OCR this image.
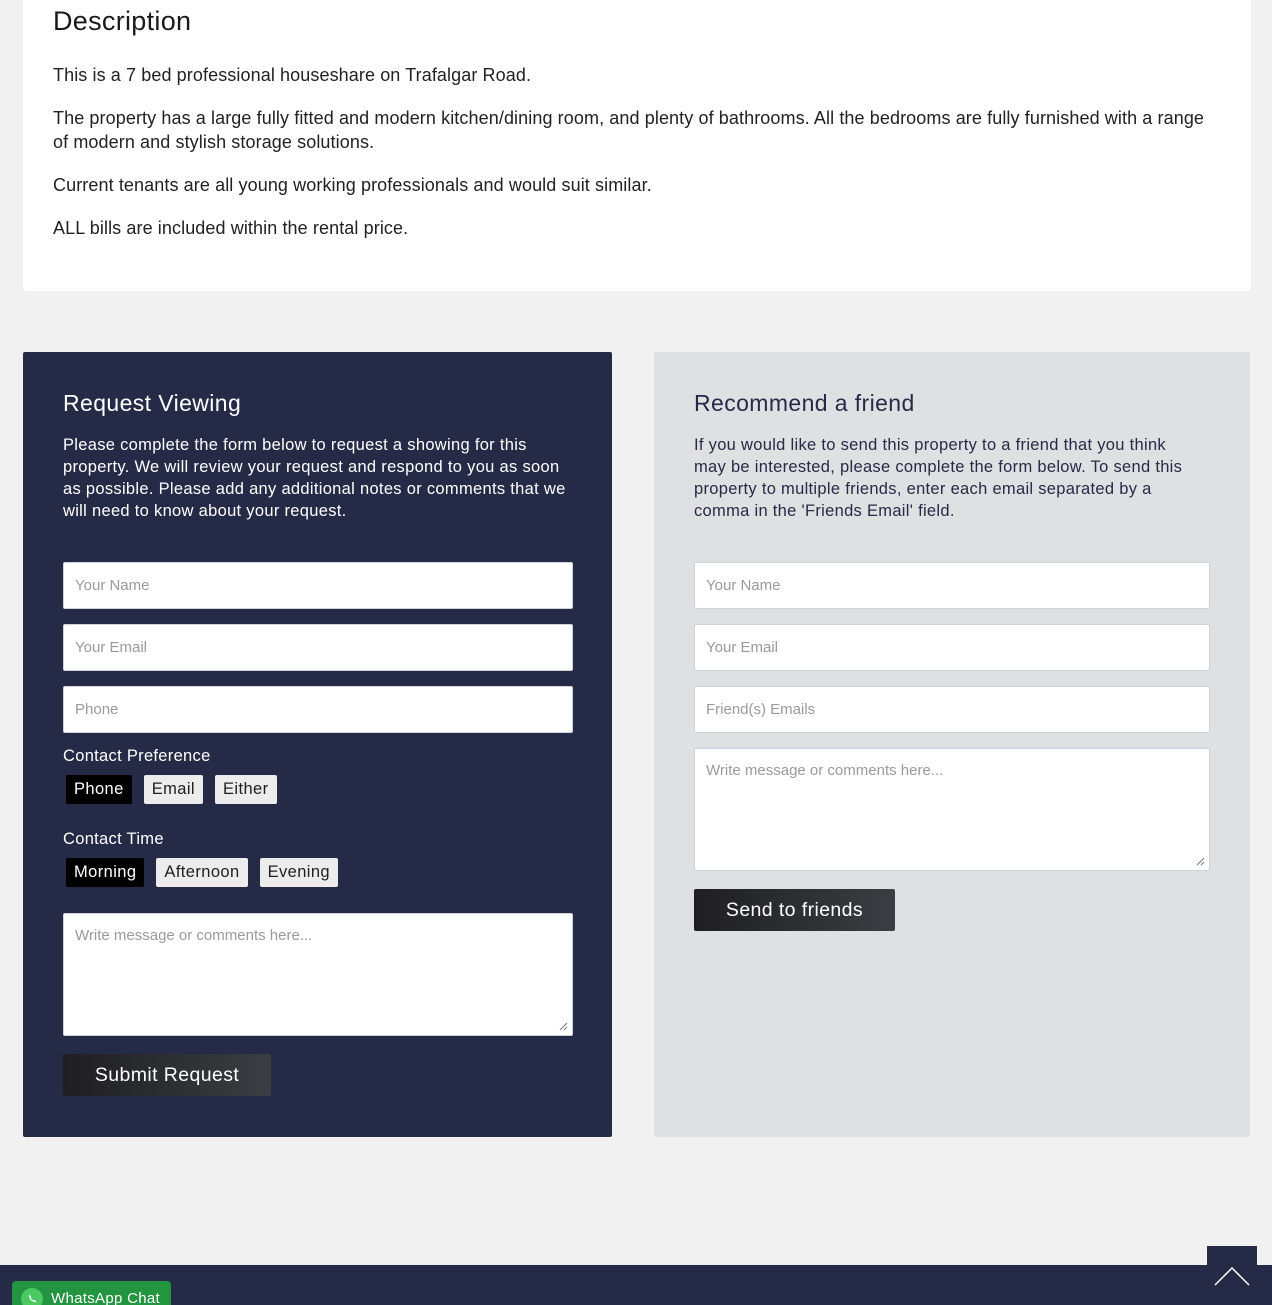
Description

This is a 7 bed professional houseshare on Trafalgar Road.

The property has a large fully fitted and modern kitchen/dining room, and plenty of bathrooms. All the bedrooms are fully furnished with a range of modern and stylish storage solutions.

Current tenants are all young working professionals and would suit similar.

ALL bills are included within the rental price.

Request Viewing

Please complete the form below to request a showing for this property. We will review your request and respond to you as soon as possible. Please add any additional notes or comments that we will need to know about your request.

Your Name
Your Email
Phone
Contact Preference
Phone	Email	Either
Contact Time
Morning	Afternoon	Evening
Write message or comments here...
Submit Request
Recommend a friend

If you would like to send this property to a friend that you think may be interested, please complete the form below. To send this property to multiple friends, enter each email separated by a comma in the 'Friends Email' field.

Your Name
Your Email
Friend(s) Emails
Write message or comments here...
Send to friends
WhatsApp Chat
